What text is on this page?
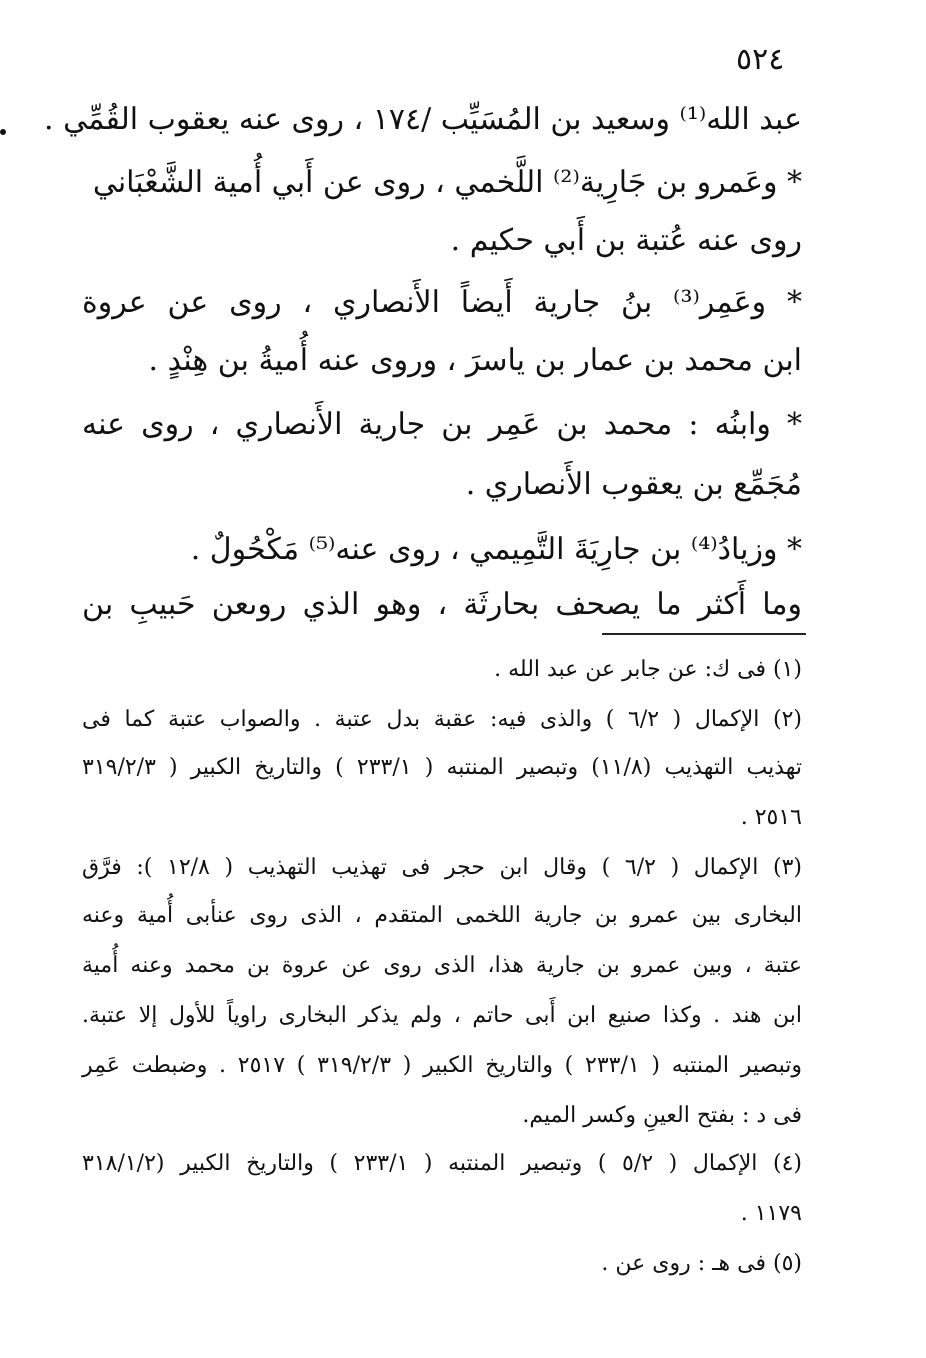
٥٢٤
عبد الله⁽¹⁾ وسعيد بن المُسَيِّب /١٧٤ ، روى عنه يعقوب القُمِّي .
* وعَمرو بن جَارِية⁽²⁾ اللَّخمي ، روى عن أَبي أُمية الشَّعْبَاني
روى عنه عُتبة بن أَبي حكيم .
* وعَمِر⁽³⁾ بنُ جارية أَيضاً الأَنصاري ، روى عن عروة
ابن محمد بن عمار بن ياسرَ ، وروى عنه أُميةُ بن هِنْدٍ .
* وابنُه : محمد بن عَمِر بن جارية الأَنصاري ، روى عنه
مُجَمِّع بن يعقوب الأَنصاري .
* وزيادُ⁽⁴⁾ بن جارِيَةَ التَّمِيمي ، روى عنه⁽⁵⁾ مَكْحُولٌ .
وما أَكثر ما يصحف بحارثَة ، وهو الذي روىعن حَبيبِ بن
(١) فى ك: عن جابر عن عبد الله .
(٢) الإكمال ( ٦/٢ ) والذى فيه: عقبة بدل عتبة . والصواب عتبة كما فى
تهذيب التهذيب (١١/٨) وتبصير المنتبه ( ٢٣٣/١ ) والتاريخ الكبير ( ٣١٩/٢/٣
٢٥١٦ .
(٣) الإكمال ( ٦/٢ ) وقال ابن حجر فى تهذيب التهذيب ( ١٢/٨ ): فرَّق
البخارى بين عمرو بن جارية اللخمى المتقدم ، الذى روى عنأبى أُمية وعنه
عتبة ، وبين عمرو بن جارية هذا، الذى روى عن عروة بن محمد وعنه أُمية
ابن هند . وكذا صنيع ابن أَبى حاتم ، ولم يذكر البخارى راوياً للأول إلا عتبة.
وتبصير المنتبه ( ٢٣٣/١ ) والتاريخ الكبير ( ٣١٩/٢/٣ ) ٢٥١٧ . وضبطت عَمِر
فى د : بفتح العينِ وكسر الميم.
(٤) الإكمال ( ٥/٢ ) وتبصير المنتبه ( ٢٣٣/١ ) والتاريخ الكبير (٣١٨/١/٢
١١٧٩ .
(٥) فى هـ : روى عن .
